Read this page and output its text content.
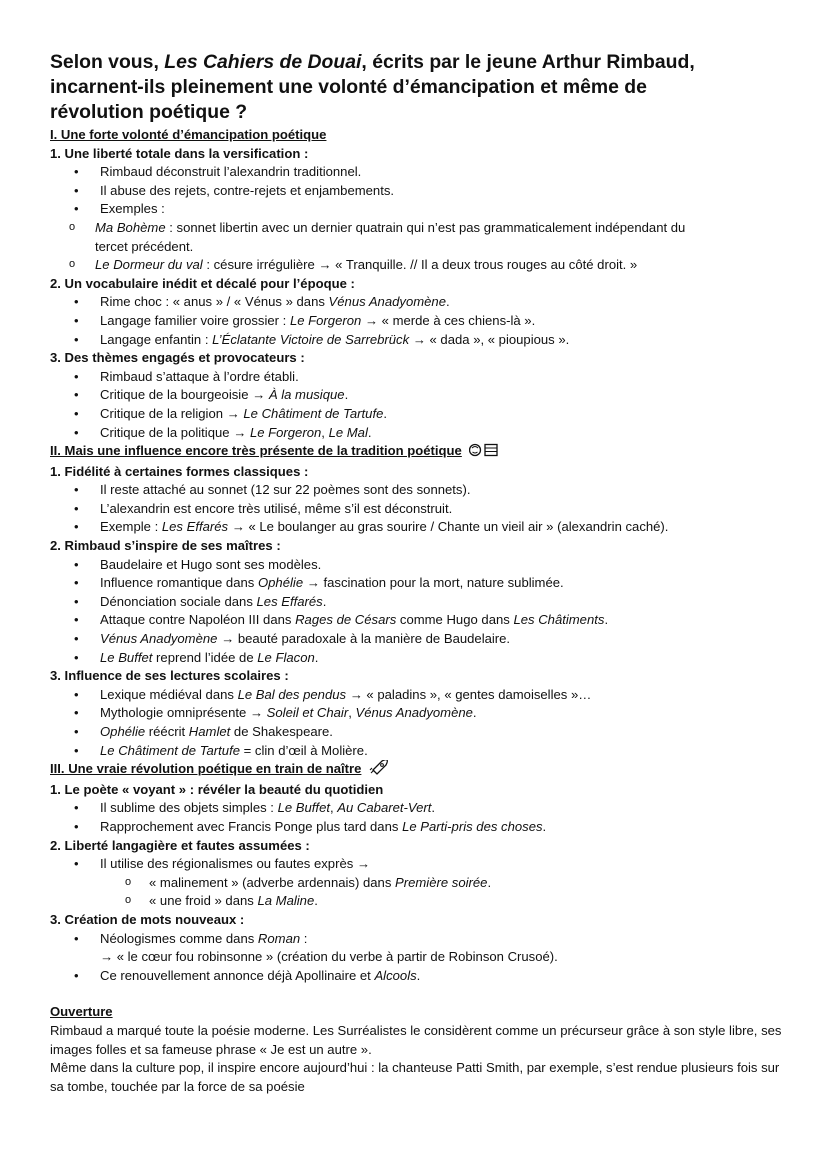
Selon vous, Les Cahiers de Douai, écrits par le jeune Arthur Rimbaud,
incarnent-ils pleinement une volonté d’émancipation et même de
révolution poétique ?
I. Une forte volonté d’émancipation poétique
1. Une liberté totale dans la versification :
• Rimbaud déconstruit l’alexandrin traditionnel.
• Il abuse des rejets, contre-rejets et enjambements.
• Exemples :
o Ma Bohème : sonnet libertin avec un dernier quatrain qui n’est pas grammaticalement indépendant du
tercet précédent.
o Le Dormeur du val : césure irrégulière → « Tranquille. // Il a deux trous rouges au côté droit. »
2. Un vocabulaire inédit et décalé pour l’époque :
• Rime choc : « anus » / « Vénus » dans Vénus Anadyomène.
• Langage familier voire grossier : Le Forgeron → « merde à ces chiens-là ».
• Langage enfantin : L’Éclatante Victoire de Sarrebrück → « dada », « pioupious ».
3. Des thèmes engagés et provocateurs :
• Rimbaud s’attaque à l’ordre établi.
• Critique de la bourgeoisie → À la musique.
• Critique de la religion → Le Châtiment de Tartufe.
• Critique de la politique → Le Forgeron, Le Mal.
II. Mais une influence encore très présente de la tradition poétique
1. Fidélité à certaines formes classiques :
• Il reste attaché au sonnet (12 sur 22 poèmes sont des sonnets).
• L’alexandrin est encore très utilisé, même s’il est déconstruit.
• Exemple : Les Effarés → « Le boulanger au gras sourire / Chante un vieil air » (alexandrin caché).
2. Rimbaud s’inspire de ses maîtres :
• Baudelaire et Hugo sont ses modèles.
• Influence romantique dans Ophélie → fascination pour la mort, nature sublimée.
• Dénonciation sociale dans Les Effarés.
• Attaque contre Napoléon III dans Rages de Césars comme Hugo dans Les Châtiments.
• Vénus Anadyomène → beauté paradoxale à la manière de Baudelaire.
• Le Buffet reprend l’idée de Le Flacon.
3. Influence de ses lectures scolaires :
• Lexique médiéval dans Le Bal des pendus → « paladins », « gentes damoiselles »…
• Mythologie omniprésente → Soleil et Chair, Vénus Anadyomène.
• Ophélie réécrit Hamlet de Shakespeare.
• Le Châtiment de Tartufe = clin d’œil à Molière.
III. Une vraie révolution poétique en train de naître
1. Le poète « voyant » : révéler la beauté du quotidien
• Il sublime des objets simples : Le Buffet, Au Cabaret-Vert.
• Rapprochement avec Francis Ponge plus tard dans Le Parti-pris des choses.
2. Liberté langagière et fautes assumées :
• Il utilise des régionalismes ou fautes exprès →
o « malinement » (adverbe ardennais) dans Première soirée.
o « une froid » dans La Maline.
3. Création de mots nouveaux :
• Néologismes comme dans Roman :
→ « le cœur fou robinsonne » (création du verbe à partir de Robinson Crusoé).
• Ce renouvellement annonce déjà Apollinaire et Alcools.
Ouverture
Rimbaud a marqué toute la poésie moderne. Les Surréalistes le considèrent comme un précurseur grâce à son style libre, ses images folles et sa fameuse phrase « Je est un autre ».
Même dans la culture pop, il inspire encore aujourd’hui : la chanteuse Patti Smith, par exemple, s’est rendue plusieurs fois sur sa tombe, touchée par la force de sa poésie
